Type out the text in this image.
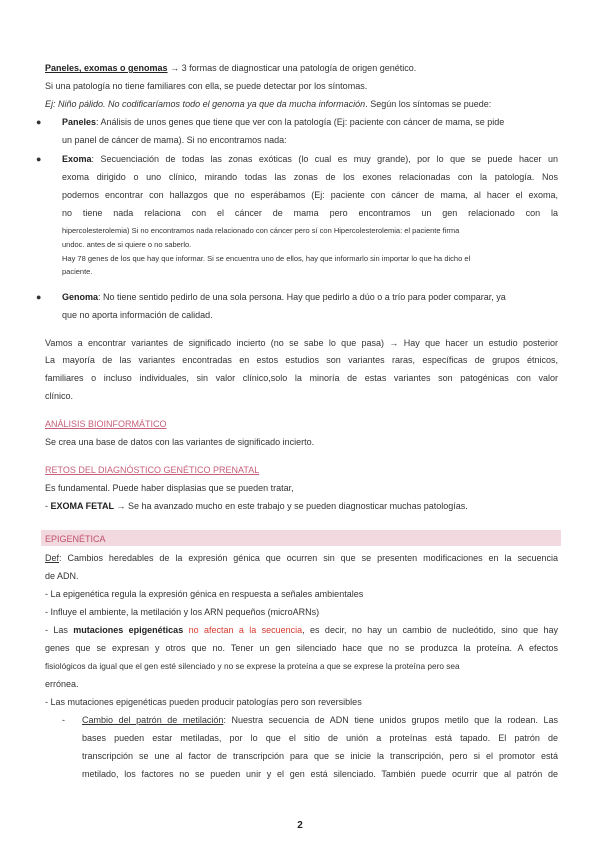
Paneles, exomas o genomas → 3 formas de diagnosticar una patología de origen genético.

Si una patología no tiene familiares con ella, se puede detectar por los síntomas.

Ej: Niño pálido. No codificaríamos todo el genoma ya que da mucha información. Según los síntomas se puede:

● Paneles: Análisis de unos genes que tiene que ver con la patología (Ej: paciente con cáncer de mama, se pide

un panel de cáncer de mama). Si no encontramos nada:

● Exoma: Secuenciación de todas las zonas exóticas (lo cual es muy grande), por lo que se puede hacer un

exoma dirigido o uno clínico, mirando todas las zonas de los exones relacionadas con la patología. Nos

podemos encontrar con hallazgos que no esperábamos (Ej: paciente con cáncer de mama, al hacer el exoma,

no tiene nada relaciona con el cáncer de mama pero encontramos un gen relacionado con la

hipercolesterolemia) Si no encontramos nada relacionado con cáncer pero sí con Hipercolesterolemia: el paciente firma

undoc. antes de si quiere o no saberlo.

Hay 78 genes de los que hay que informar. Si se encuentra uno de ellos, hay que informarlo sin importar lo que ha dicho el

paciente.

● Genoma: No tiene sentido pedirlo de una sola persona. Hay que pedirlo a dúo o a trío para poder comparar, ya

que no aporta información de calidad.

Vamos a encontrar variantes de significado incierto (no se sabe lo que pasa) → Hay que hacer un estudio posterior

La mayoría de las variantes encontradas en estos estudios son variantes raras, específicas de grupos étnicos,

familiares o incluso individuales, sin valor clínico,solo la minoría de estas variantes son patogénicas con valor

clínico.

ANÁLISIS BIOINFORMÁTICO

Se crea una base de datos con las variantes de significado incierto.

RETOS DEL DIAGNÓSTICO GENÉTICO PRENATAL

Es fundamental. Puede haber displasias que se pueden tratar,

- EXOMA FETAL → Se ha avanzado mucho en este trabajo y se pueden diagnosticar muchas patologías.

EPIGENÉTICA

Def: Cambios heredables de la expresión génica que ocurren sin que se presenten modificaciones en la secuencia

de ADN.

- La epigenética regula la expresión génica en respuesta a señales ambientales

- Influye el ambiente, la metilación y los ARN pequeños (microARNs)

- Las mutaciones epigenéticas no afectan a la secuencia, es decir, no hay un cambio de nucleótido, sino que hay

genes que se expresan y otros que no. Tener un gen silenciado hace que no se produzca la proteína. A efectos

fisiológicos da igual que el gen esté silenciado y no se exprese la proteína a que se exprese la proteína pero sea

errónea.

- Las mutaciones epigenéticas pueden producir patologías pero son reversibles

-	Cambio del patrón de metilación: Nuestra secuencia de ADN tiene unidos grupos metilo que la rodean. Las

bases pueden estar metiladas, por lo que el sitio de unión a proteínas está tapado. El patrón de

transcripción se une al factor de transcripción para que se inicie la transcripción, pero si el promotor está

metilado, los factores no se pueden unir y el gen está silenciado. También puede ocurrir que al patrón de

2
